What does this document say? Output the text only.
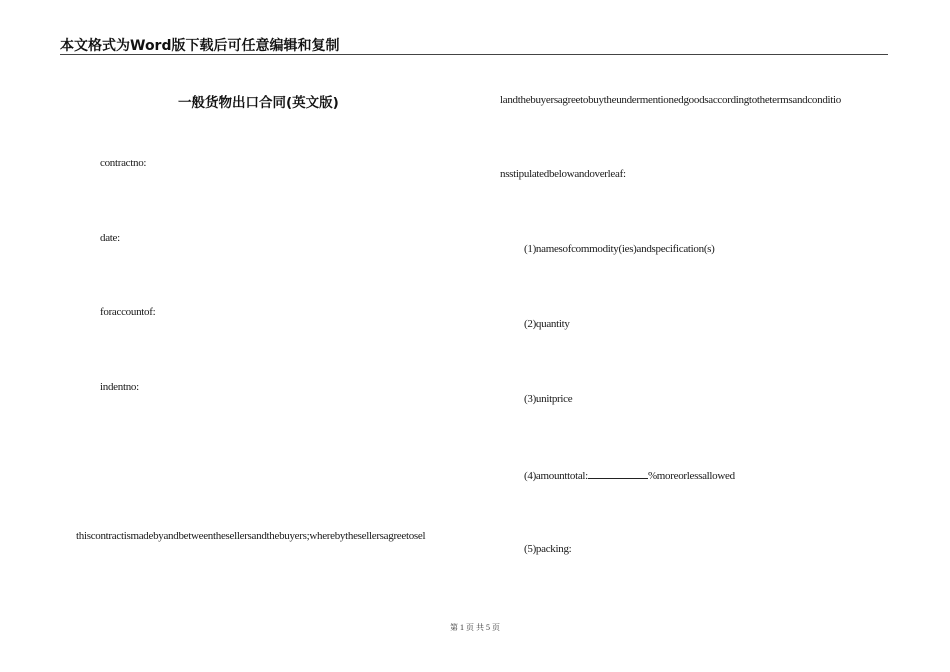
本文格式为Word版下载后可任意编辑和复制
一般货物出口合同(英文版)
contractno:
date:
foraccountof:
indentno:
thiscontractismadebyandbetweenthesellersandthebuyers;wherebythesellersagreetosel
landthebuyersagreetobuytheundermentionedgoodsaccordingtothetermsandconditio
nsstipulatedbelowandoverleaf:
(1)namesofcommodity(ies)andspecification(s)
(2)quantity
(3)unitprice
(4)amounttotal:	%moreorlessallowed
(5)packing:
第 1 页 共 5 页
